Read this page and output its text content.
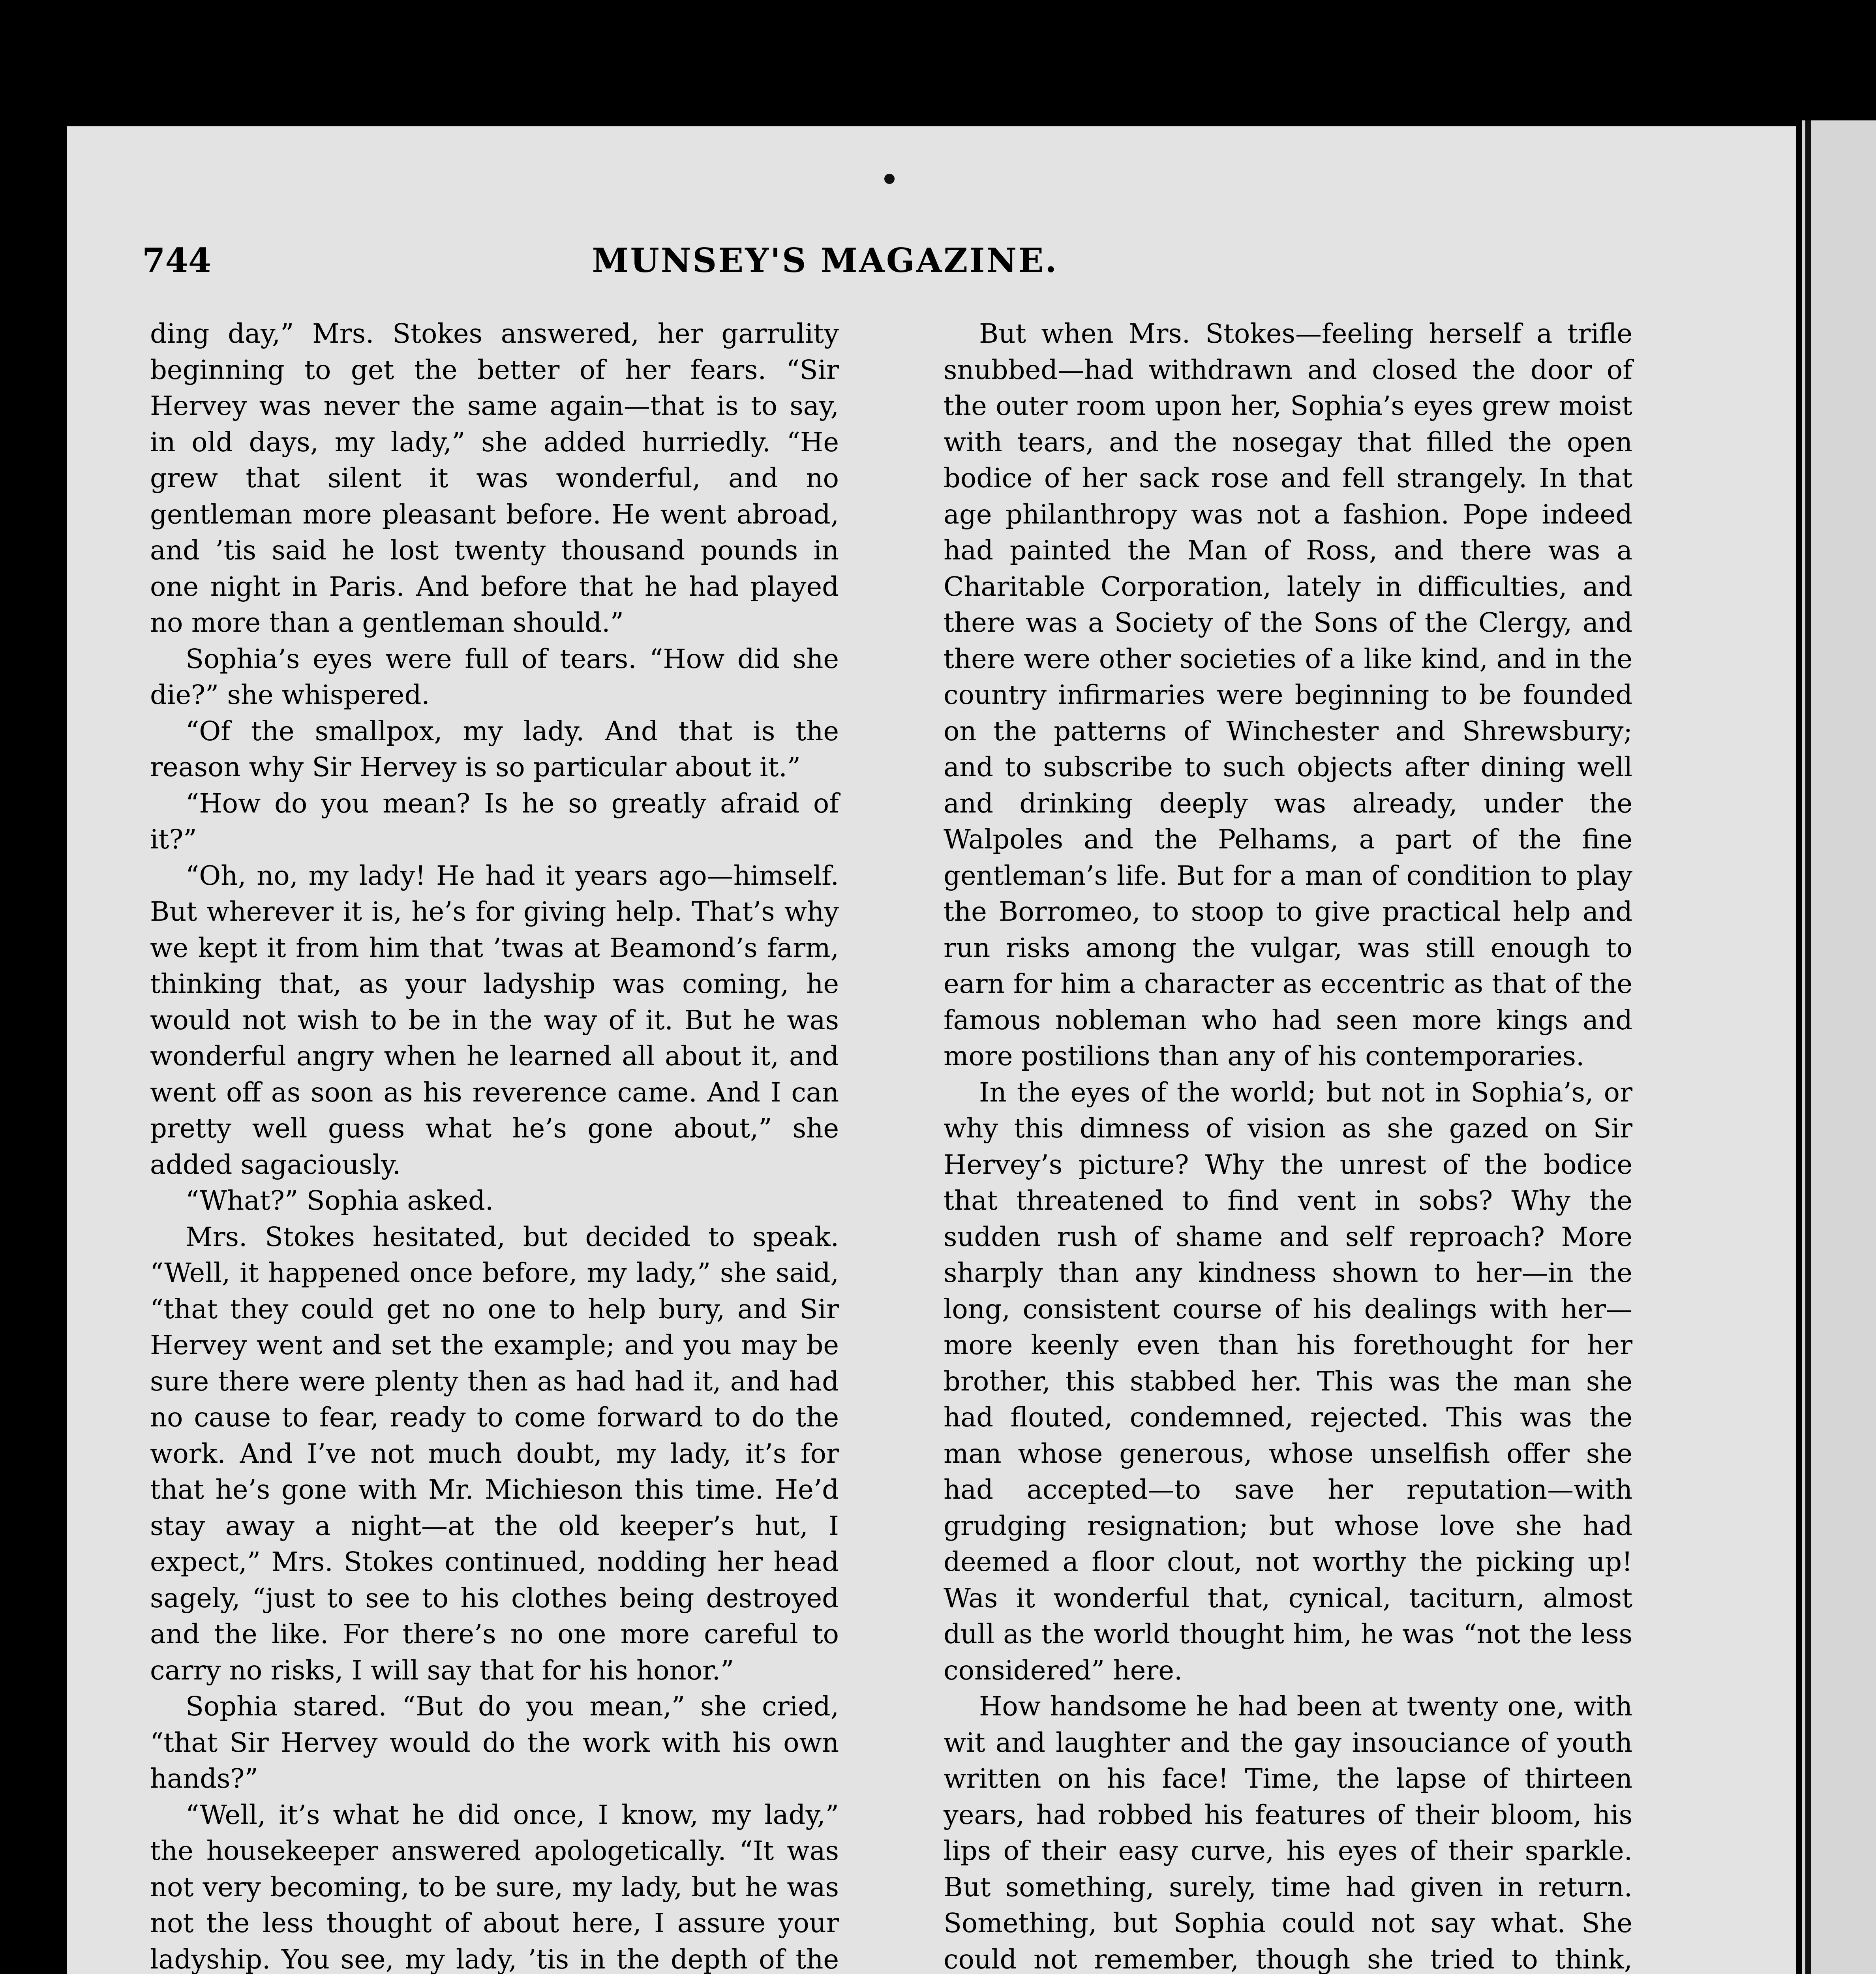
744	MUNSEY'S MAGAZINE.

ding day,” Mrs. Stokes answered, her garrulity beginning to get the better of her fears. “Sir Hervey was never the same again—that is to say, in old days, my lady,” she added hurriedly. “He grew that silent it was wonderful, and no gentleman more pleasant before. He went abroad, and ’tis said he lost twenty thousand pounds in one night in Paris. And before that he had played no more than a gentleman should.”

Sophia’s eyes were full of tears. “How did she die?” she whispered.

“Of the smallpox, my lady. And that is the reason why Sir Hervey is so particular about it.”

“How do you mean? Is he so greatly afraid of it?”

“Oh, no, my lady! He had it years ago—himself. But wherever it is, he’s for giving help. That’s why we kept it from him that ’twas at Beamond’s farm, thinking that, as your ladyship was coming, he would not wish to be in the way of it. But he was wonderful angry when he learned all about it, and went off as soon as his reverence came. And I can pretty well guess what he’s gone about,” she added sagaciously.

“What?” Sophia asked.

Mrs. Stokes hesitated, but decided to speak. “Well, it happened once before, my lady,” she said, “that they could get no one to help bury, and Sir Hervey went and set the example; and you may be sure there were plenty then as had had it, and had no cause to fear, ready to come forward to do the work. And I’ve not much doubt, my lady, it’s for that he’s gone with Mr. Michieson this time. He’d stay away a night—at the old keeper’s hut, I expect,” Mrs. Stokes continued, nodding her head sagely, “just to see to his clothes being destroyed and the like. For there’s no one more careful to carry no risks, I will say that for his honor.”

Sophia stared. “But do you mean,” she cried, “that Sir Hervey would do the work with his own hands?”

“Well, it’s what he did once, I know, my lady,” the housekeeper answered apologetically. “It was not very becoming, to be sure, my lady, but he was not the less thought of about here, I assure your ladyship. You see, my lady, ’tis in the depth of the

But when Mrs. Stokes—feeling herself a trifle snubbed—had withdrawn and closed the door of the outer room upon her, Sophia’s eyes grew moist with tears, and the nosegay that filled the open bodice of her sack rose and fell strangely. In that age philanthropy was not a fashion. Pope indeed had painted the Man of Ross, and there was a Charitable Corporation, lately in difficulties, and there was a Society of the Sons of the Clergy, and there were other societies of a like kind, and in the country infirmaries were beginning to be founded on the patterns of Winchester and Shrewsbury; and to subscribe to such objects after dining well and drinking deeply was already, under the Walpoles and the Pelhams, a part of the fine gentleman’s life. But for a man of condition to play the Borromeo, to stoop to give practical help and run risks among the vulgar, was still enough to earn for him a character as eccentric as that of the famous nobleman who had seen more kings and more postilions than any of his contemporaries.

In the eyes of the world; but not in Sophia’s, or why this dimness of vision as she gazed on Sir Hervey’s picture? Why the unrest of the bodice that threatened to find vent in sobs? Why the sudden rush of shame and self reproach? More sharply than any kindness shown to her—in the long, consistent course of his dealings with her—more keenly even than his forethought for her brother, this stabbed her. This was the man she had flouted, condemned, rejected. This was the man whose generous, whose unselfish offer she had accepted—to save her reputation—with grudging resignation; but whose love she had deemed a floor clout, not worthy the picking up! Was it wonderful that, cynical, taciturn, almost dull as the world thought him, he was “not the less considered” here.

How handsome he had been at twenty one, with wit and laughter and the gay insouciance of youth written on his face! Time, the lapse of thirteen years, had robbed his features of their bloom, his lips of their easy curve, his eyes of their sparkle. But something, surely, time had given in return. Something, but Sophia could not say what. She could not remember, though she tried to think,
